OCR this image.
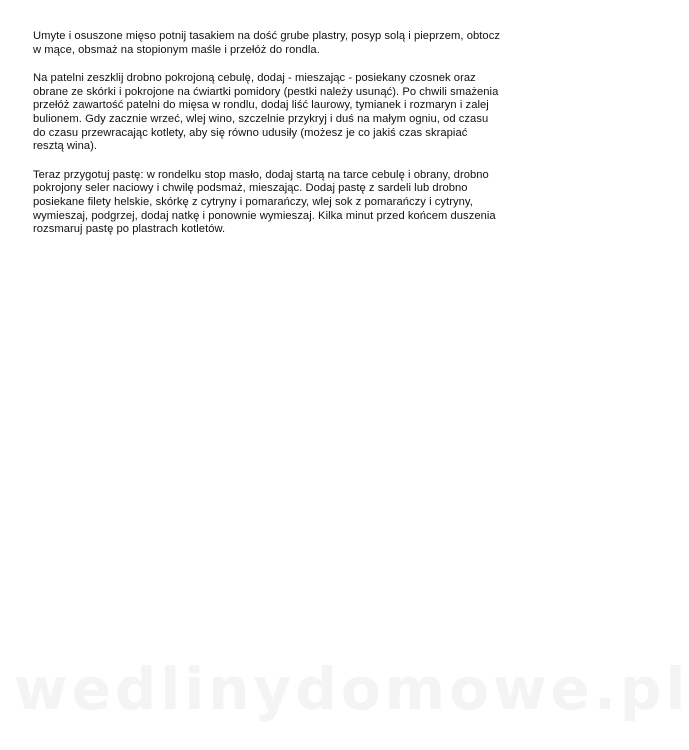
Umyte i osuszone mięso potnij tasakiem na dość grube plastry, posyp solą i pieprzem, obtocz w mące, obsmaż na stopionym maśle i przełóż do rondla.

Na patelni zeszklij drobno pokrojoną cebulę, dodaj - mieszając - posiekany czosnek oraz obrane ze skórki i pokrojone na ćwiartki pomidory (pestki należy usunąć). Po chwili smażenia przełóż zawartość patelni do mięsa w rondlu, dodaj liść laurowy, tymianek i rozmaryn i zalej bulionem. Gdy zacznie wrzeć, wlej wino, szczelnie przykryj i duś na małym ogniu, od czasu do czasu przewracając kotlety, aby się równo udusiły (możesz je co jakiś czas skrapiać resztą wina).

Teraz przygotuj pastę: w rondelku stop masło, dodaj startą na tarce cebulę i obrany, drobno pokrojony seler naciowy i chwilę podsmaż, mieszając. Dodaj pastę z sardeli lub drobno posiekane filety helskie, skórkę z cytryny i pomarańczy, wlej sok z pomarańczy i cytryny, wymieszaj, podgrzej, dodaj natkę i ponownie wymieszaj. Kilka minut przed końcem duszenia rozsmaruj pastę po plastrach kotletów.

wedlinydomowe.pl
